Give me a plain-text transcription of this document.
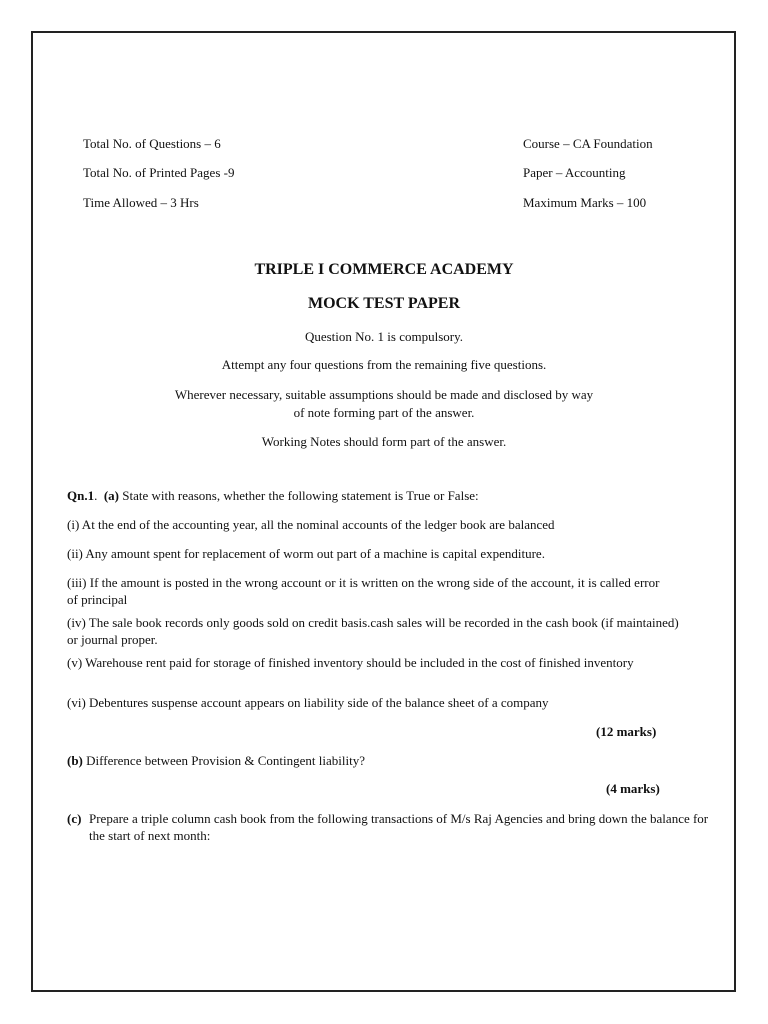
Total No. of Questions – 6
Total No. of Printed Pages -9
Time Allowed – 3 Hrs
Course – CA Foundation
Paper – Accounting
Maximum Marks – 100
TRIPLE I COMMERCE ACADEMY
MOCK TEST PAPER
Question No. 1 is compulsory.
Attempt any four questions from the remaining five questions.
Wherever necessary, suitable assumptions should be made and disclosed by way
of note forming part of the answer.
Working Notes should form part of the answer.
Qn.1.  (a) State with reasons, whether the following statement is True or False:
(i) At the end of the accounting year, all the nominal accounts of the ledger book are balanced
(ii) Any amount spent for replacement of worm out part of a machine is capital expenditure.
(iii) If the amount is posted in the wrong account or it is written on the wrong side of the account, it is called error of principal
(iv) The sale book records only goods sold on credit basis.cash sales will be recorded in the cash book (if maintained) or journal proper.
(v) Warehouse rent paid for storage of finished inventory should be included in the cost of finished inventory
(vi) Debentures suspense account appears on liability side of the balance sheet of a company
(12 marks)
(b) Difference between Provision & Contingent liability?
(4 marks)
(c) Prepare a triple column cash book from the following transactions of M/s Raj Agencies and bring down the balance for the start of next month:
